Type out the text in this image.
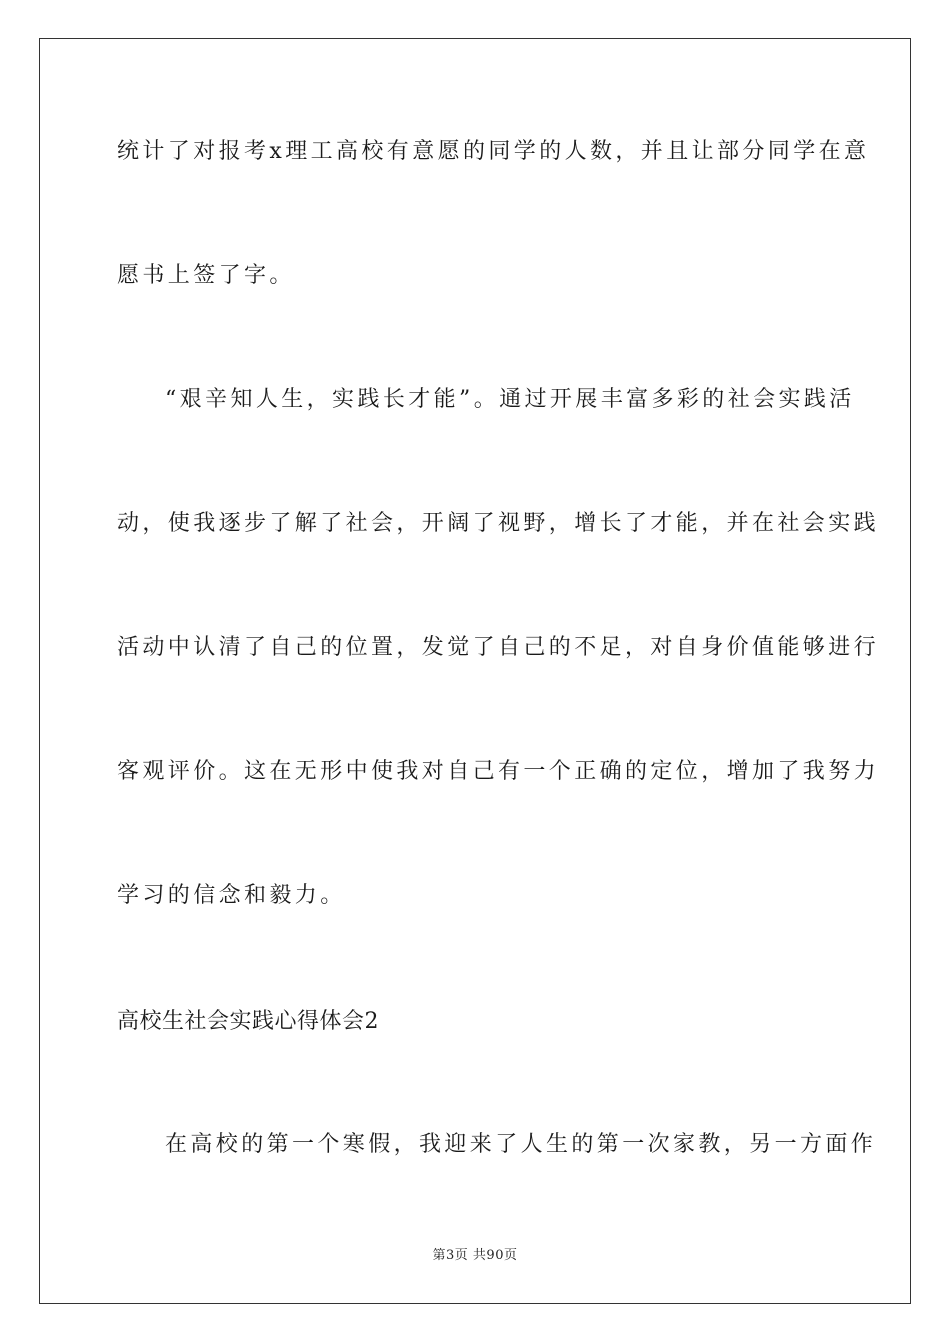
统计了对报考x理工高校有意愿的同学的人数，并且让部分同学在意
愿书上签了字。
“艰辛知人生，实践长才能”。通过开展丰富多彩的社会实践活
动，使我逐步了解了社会，开阔了视野，增长了才能，并在社会实践
活动中认清了自己的位置，发觉了自己的不足，对自身价值能够进行
客观评价。这在无形中使我对自己有一个正确的定位，增加了我努力
学习的信念和毅力。
高校生社会实践心得体会2
在高校的第一个寒假，我迎来了人生的第一次家教，另一方面作
第3页 共90页
